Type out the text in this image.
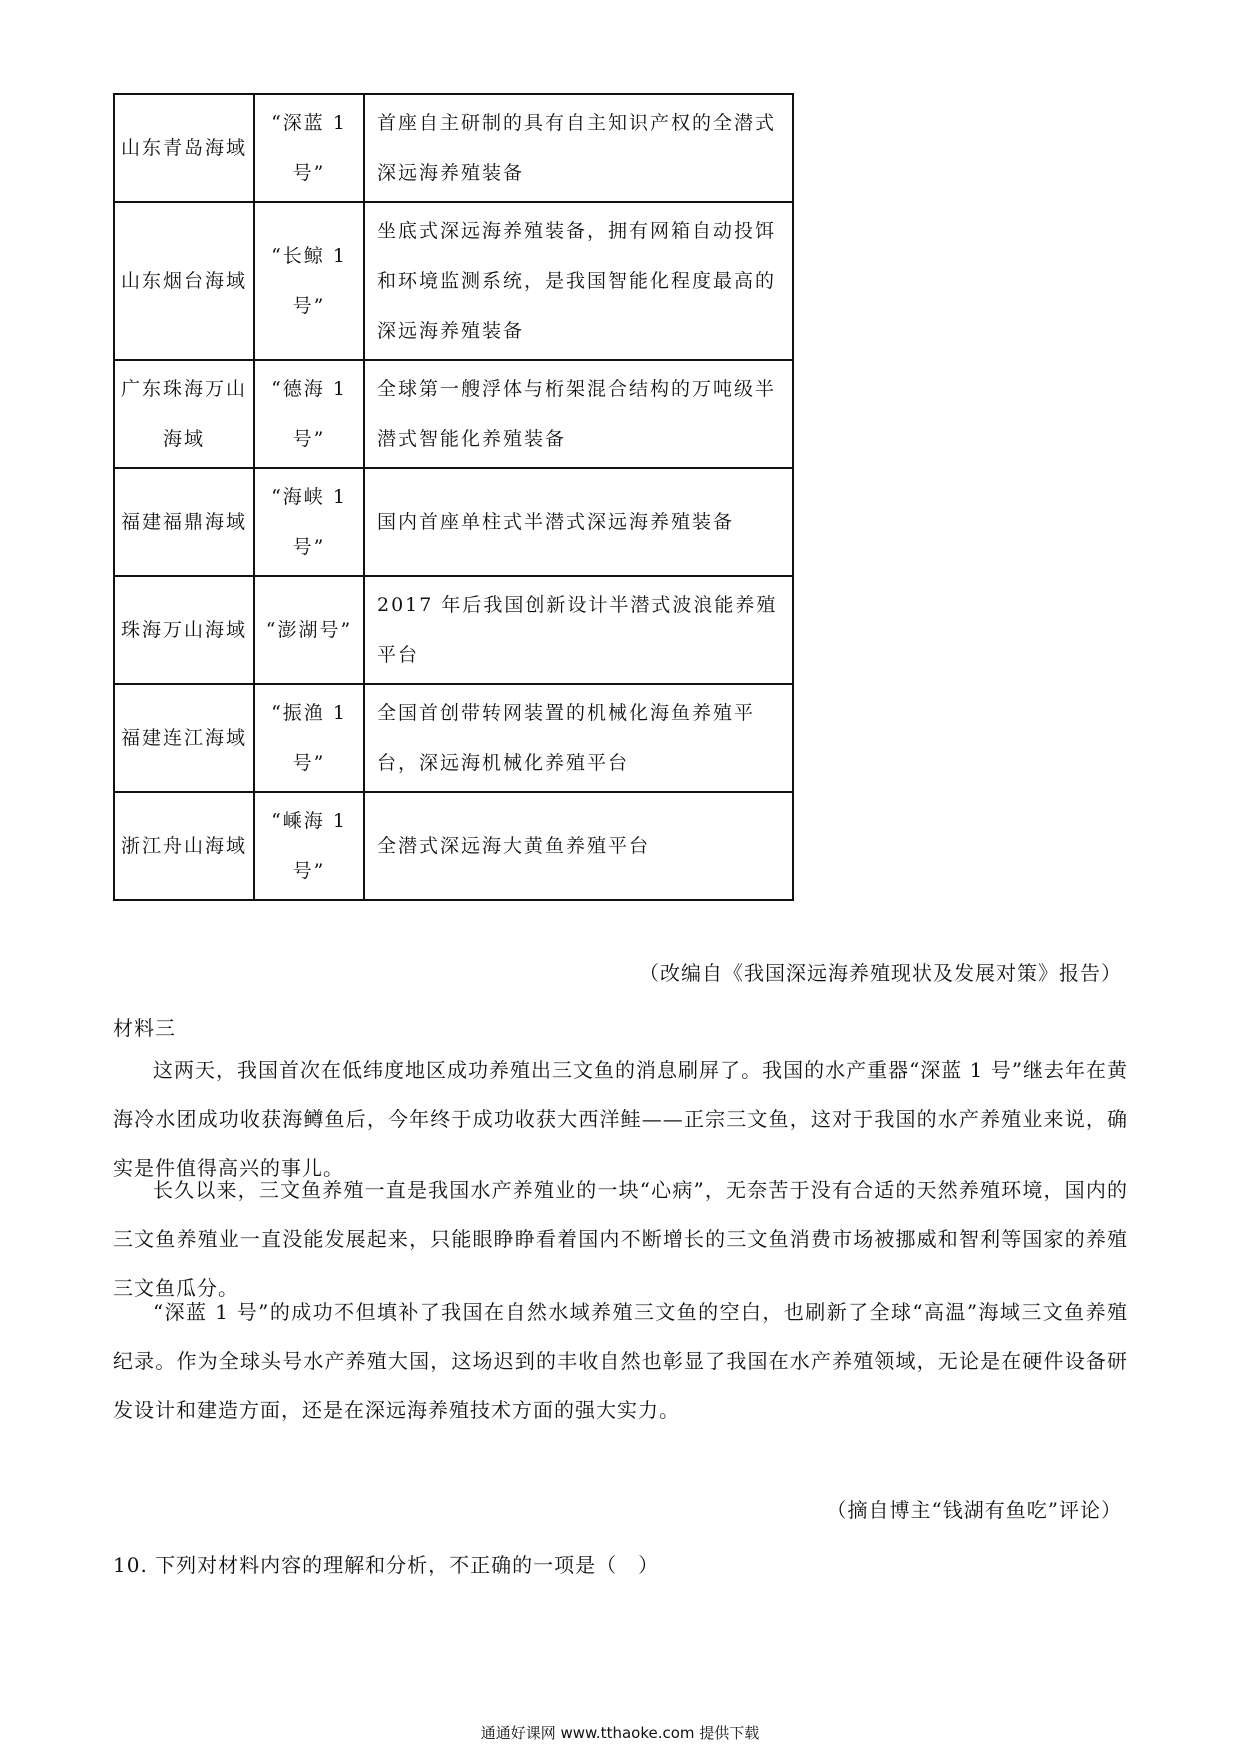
山东青岛海域	“深蓝 1 号”	首座自主研制的具有自主知识产权的全潜式深远海养殖装备

山东烟台海域	“长鲸 1 号”	坐底式深远海养殖装备，拥有网箱自动投饵和环境监测系统，是我国智能化程度最高的深远海养殖装备

广东珠海万山海域	“德海 1 号”	全球第一艘浮体与桁架混合结构的万吨级半潜式智能化养殖装备

福建福鼎海域	“海峡 1 号”	国内首座单柱式半潜式深远海养殖装备

珠海万山海域	“澎湖号”	2017 年后我国创新设计半潜式波浪能养殖平台

福建连江海域	“振渔 1 号”	全国首创带转网装置的机械化海鱼养殖平台，深远海机械化养殖平台

浙江舟山海域	“嵊海 1 号”	全潜式深远海大黄鱼养殖平台
（改编自《我国深远海养殖现状及发展对策》报告）
材料三

这两天，我国首次在低纬度地区成功养殖出三文鱼的消息刷屏了。我国的水产重器“深蓝 1 号”继去年在黄海冷水团成功收获海鳟鱼后，今年终于成功收获大西洋鲑——正宗三文鱼，这对于我国的水产养殖业来说，确实是件值得高兴的事儿。

长久以来，三文鱼养殖一直是我国水产养殖业的一块“心病”，无奈苦于没有合适的天然养殖环境，国内的三文鱼养殖业一直没能发展起来，只能眼睁睁看着国内不断增长的三文鱼消费市场被挪威和智利等国家的养殖三文鱼瓜分。

“深蓝 1 号”的成功不但填补了我国在自然水域养殖三文鱼的空白，也刷新了全球“高温”海域三文鱼养殖纪录。作为全球头号水产养殖大国，这场迟到的丰收自然也彰显了我国在水产养殖领域，无论是在硬件设备研发设计和建造方面，还是在深远海养殖技术方面的强大实力。

（摘自博主“钱湖有鱼吃”评论）
10. 下列对材料内容的理解和分析，不正确的一项是（　）
通通好课网 www.tthaoke.com 提供下载
